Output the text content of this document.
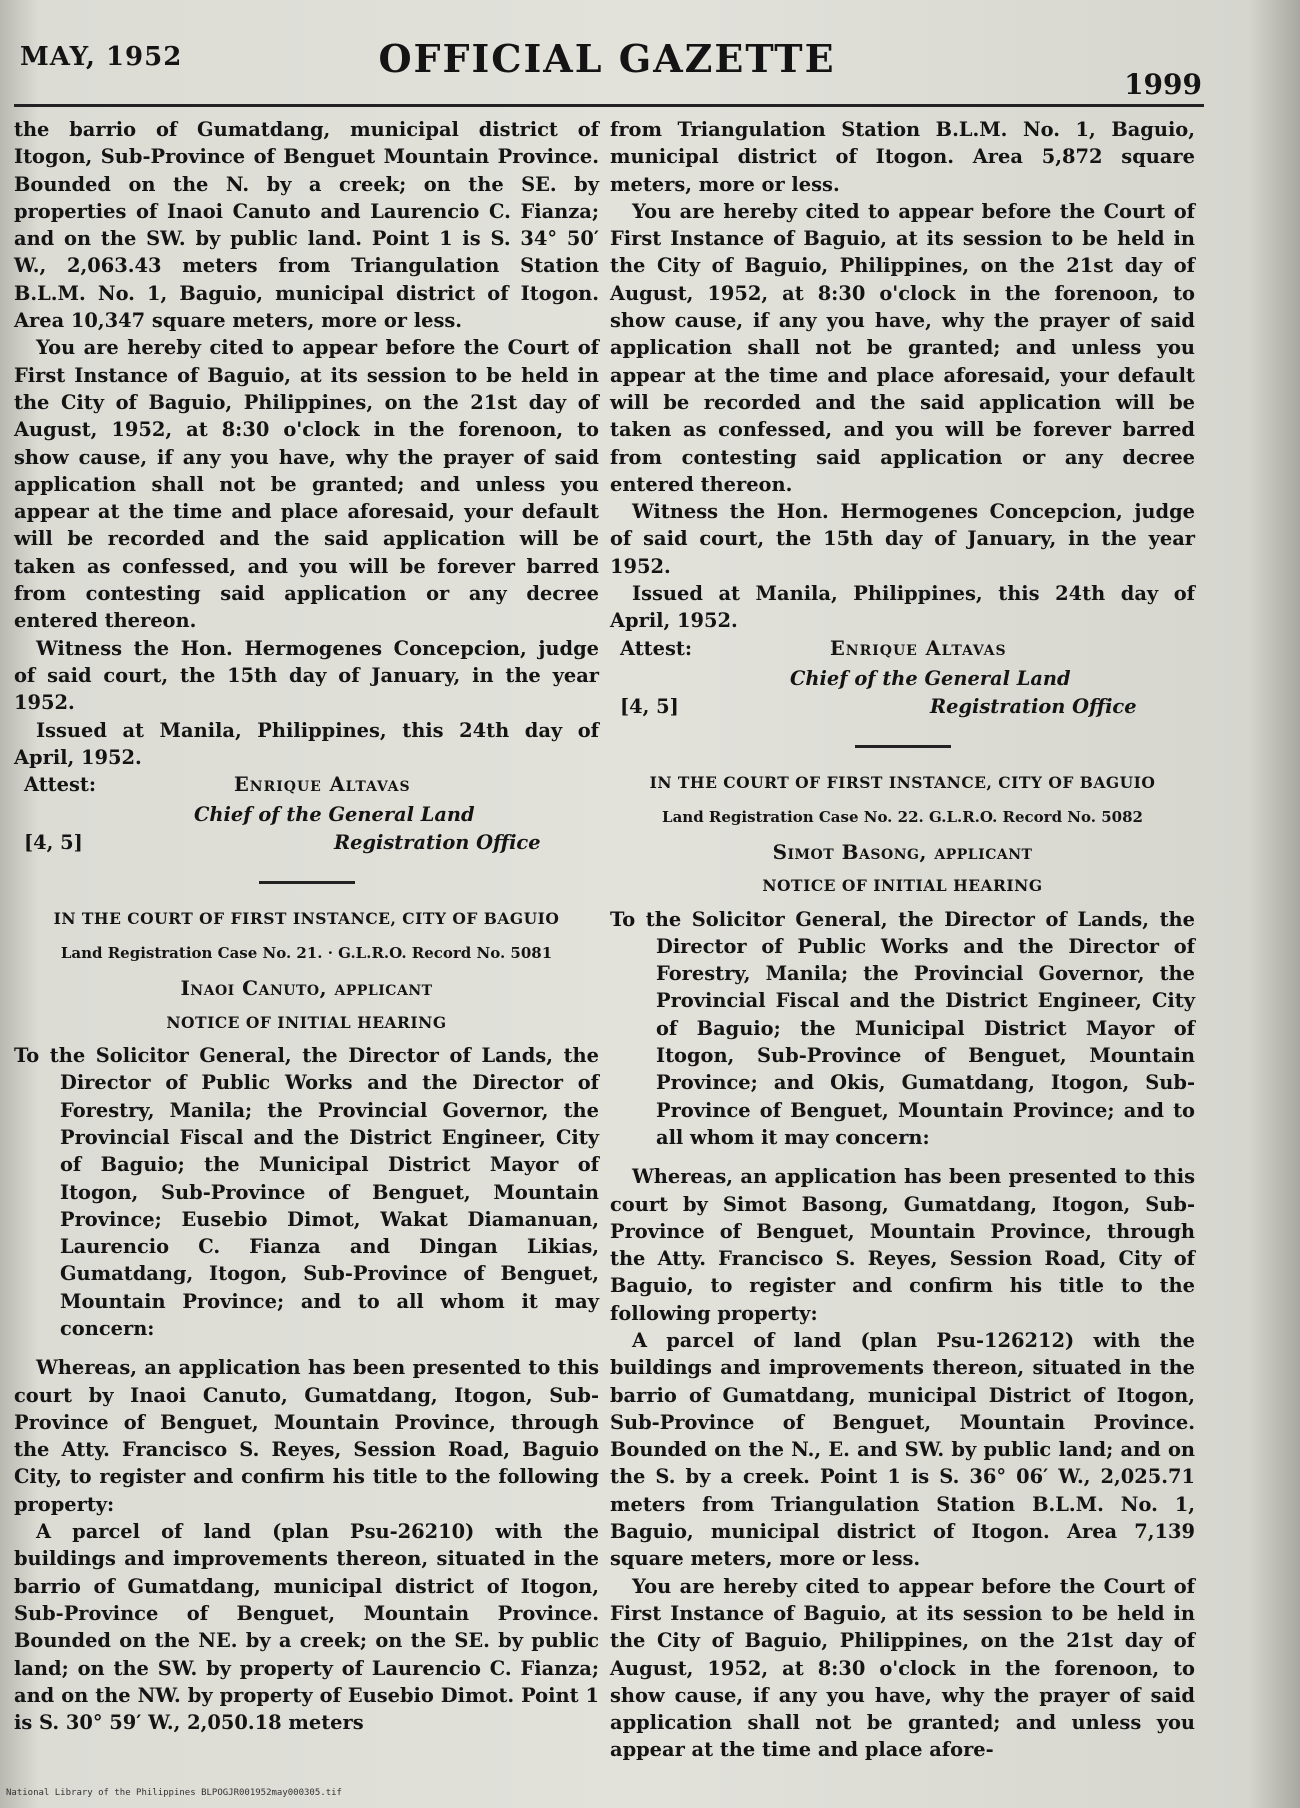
MAY, 1952	OFFICIAL GAZETTE
1999

the barrio of Gumatdang, municipal district of Itogon, Sub-Province of Benguet Mountain Province. Bounded on the N. by a creek; on the SE. by properties of Inaoi Canuto and Laurencio C. Fianza; and on the SW. by public land. Point 1 is S. 34° 50′ W., 2,063.43 meters from Triangulation Station B.L.M. No. 1, Baguio, municipal district of Itogon. Area 10,347 square meters, more or less.

You are hereby cited to appear before the Court of First Instance of Baguio, at its session to be held in the City of Baguio, Philippines, on the 21st day of August, 1952, at 8:30 o'clock in the forenoon, to show cause, if any you have, why the prayer of said application shall not be granted; and unless you appear at the time and place aforesaid, your default will be recorded and the said application will be taken as confessed, and you will be forever barred from contesting said application or any decree entered thereon.

Witness the Hon. Hermogenes Concepcion, judge of said court, the 15th day of January, in the year 1952.

Issued at Manila, Philippines, this 24th day of April, 1952.

Attest:	Enrique Altavas
Chief of the General Land
[4, 5]	Registration Office
IN THE COURT OF FIRST INSTANCE, CITY OF BAGUIO
Land Registration Case No. 21. · G.L.R.O. Record No. 5081
Inaoi Canuto, applicant
NOTICE OF INITIAL HEARING

To the Solicitor General, the Director of Lands, the Director of Public Works and the Director of Forestry, Manila; the Provincial Governor, the Provincial Fiscal and the District Engineer, City of Baguio; the Municipal District Mayor of Itogon, Sub-Province of Benguet, Mountain Province; Eusebio Dimot, Wakat Diamanuan, Laurencio C. Fianza and Dingan Likias, Gumatdang, Itogon, Sub-Province of Benguet, Mountain Province; and to all whom it may concern:

Whereas, an application has been presented to this court by Inaoi Canuto, Gumatdang, Itogon, Sub-Province of Benguet, Mountain Province, through the Atty. Francisco S. Reyes, Session Road, Baguio City, to register and confirm his title to the following property:

A parcel of land (plan Psu-26210) with the buildings and improvements thereon, situated in the barrio of Gumatdang, municipal district of Itogon, Sub-Province of Benguet, Mountain Province. Bounded on the NE. by a creek; on the SE. by public land; on the SW. by property of Laurencio C. Fianza; and on the NW. by property of Eusebio Dimot. Point 1 is S. 30° 59′ W., 2,050.18 meters

from Triangulation Station B.L.M. No. 1, Baguio, municipal district of Itogon. Area 5,872 square meters, more or less.

You are hereby cited to appear before the Court of First Instance of Baguio, at its session to be held in the City of Baguio, Philippines, on the 21st day of August, 1952, at 8:30 o'clock in the forenoon, to show cause, if any you have, why the prayer of said application shall not be granted; and unless you appear at the time and place aforesaid, your default will be recorded and the said application will be taken as confessed, and you will be forever barred from contesting said application or any decree entered thereon.

Witness the Hon. Hermogenes Concepcion, judge of said court, the 15th day of January, in the year 1952.

Issued at Manila, Philippines, this 24th day of April, 1952.

Attest:	Enrique Altavas
Chief of the General Land
[4, 5]	Registration Office
IN THE COURT OF FIRST INSTANCE, CITY OF BAGUIO
Land Registration Case No. 22. G.L.R.O. Record No. 5082
Simot Basong, applicant
NOTICE OF INITIAL HEARING

To the Solicitor General, the Director of Lands, the Director of Public Works and the Director of Forestry, Manila; the Provincial Governor, the Provincial Fiscal and the District Engineer, City of Baguio; the Municipal District Mayor of Itogon, Sub-Province of Benguet, Mountain Province; and Okis, Gumatdang, Itogon, Sub-Province of Benguet, Mountain Province; and to all whom it may concern:

Whereas, an application has been presented to this court by Simot Basong, Gumatdang, Itogon, Sub-Province of Benguet, Mountain Province, through the Atty. Francisco S. Reyes, Session Road, City of Baguio, to register and confirm his title to the following property:

A parcel of land (plan Psu-126212) with the buildings and improvements thereon, situated in the barrio of Gumatdang, municipal District of Itogon, Sub-Province of Benguet, Mountain Province. Bounded on the N., E. and SW. by public land; and on the S. by a creek. Point 1 is S. 36° 06′ W., 2,025.71 meters from Triangulation Station B.L.M. No. 1, Baguio, municipal district of Itogon. Area 7,139 square meters, more or less.

You are hereby cited to appear before the Court of First Instance of Baguio, at its session to be held in the City of Baguio, Philippines, on the 21st day of August, 1952, at 8:30 o'clock in the forenoon, to show cause, if any you have, why the prayer of said application shall not be granted; and unless you appear at the time and place afore-

National Library of the Philippines BLPOGJR001952may000305.tif
